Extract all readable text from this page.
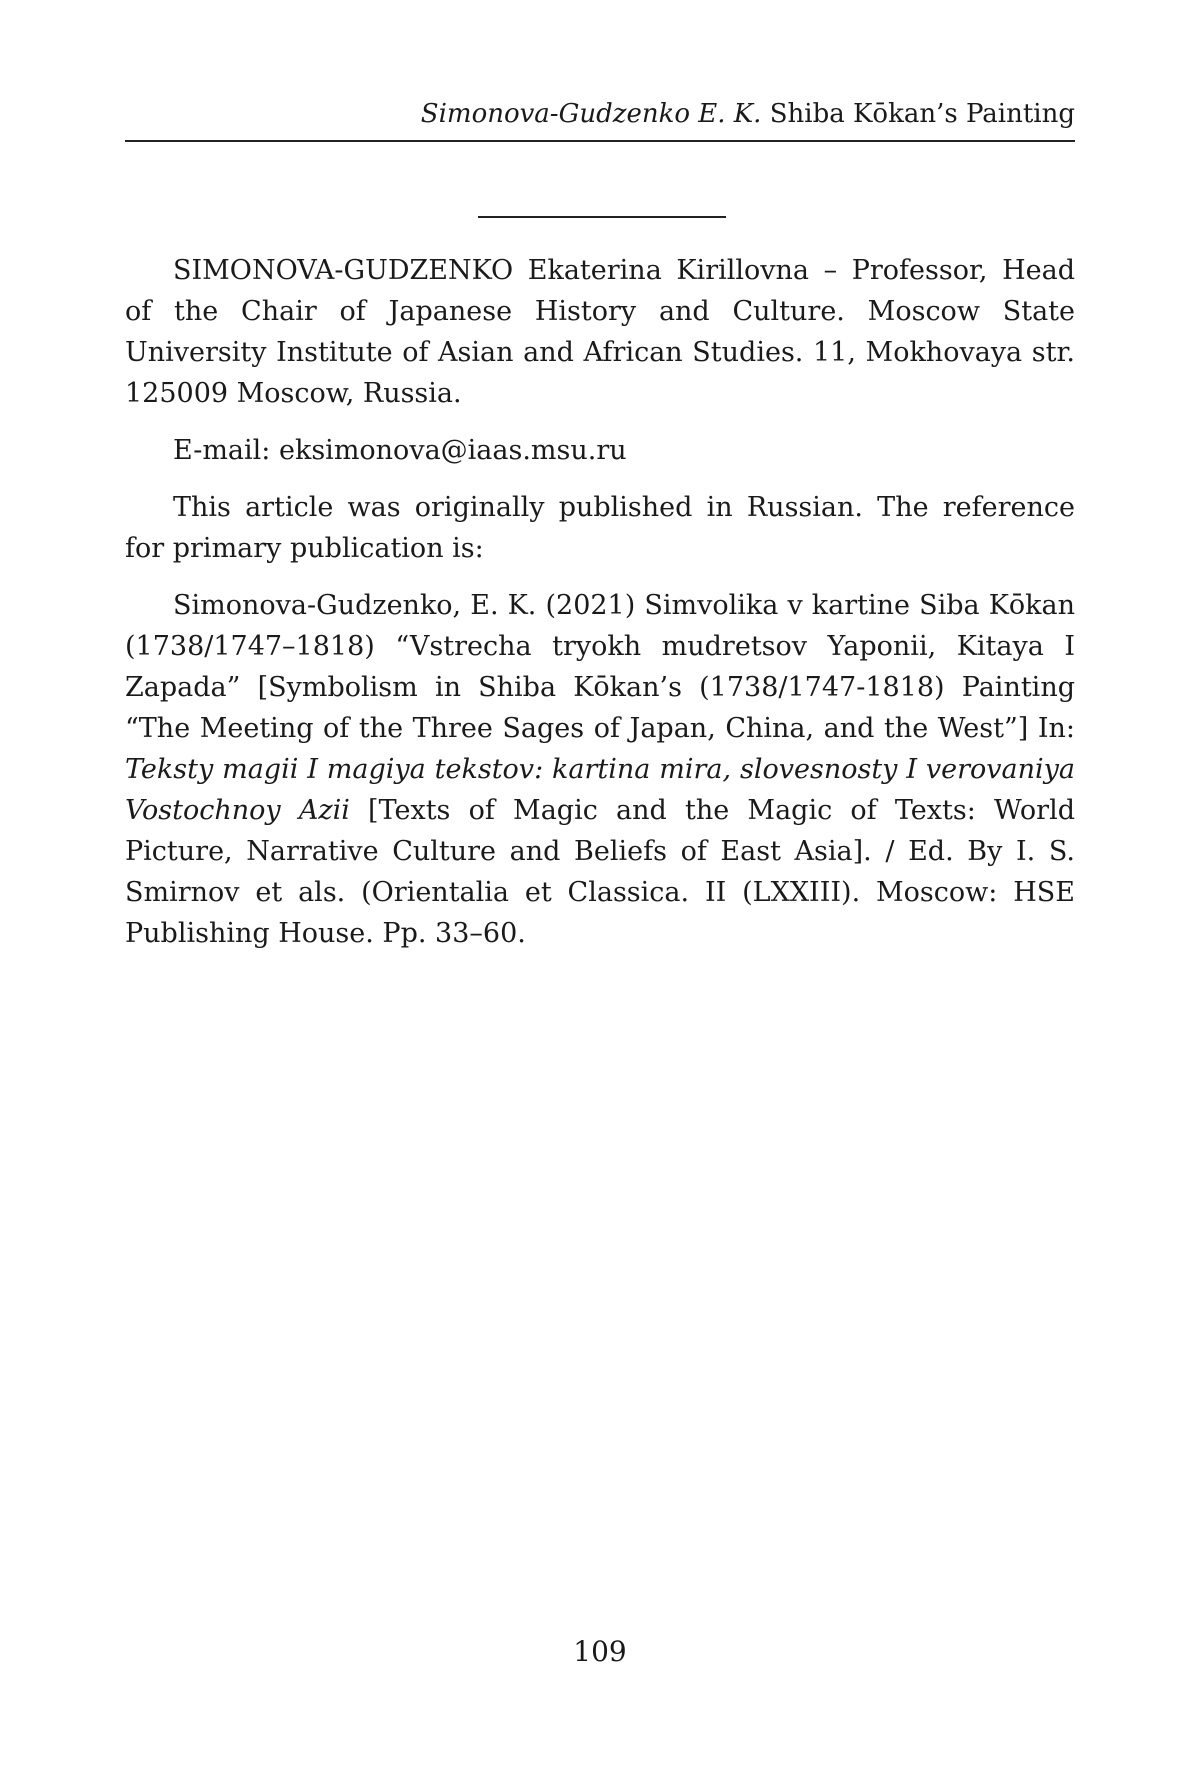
Simonova-Gudzenko E. K. Shiba Kōkan’s Painting

SIMONOVA-GUDZENKO Ekaterina Kirillovna – Professor, Head of the Chair of Japanese History and Culture. Moscow State University Institute of Asian and African Studies. 11, Mokhovaya str. 125009 Moscow, Russia.

E-mail: eksimonova@iaas.msu.ru

This article was originally published in Russian. The reference for primary publication is:

Simonova-Gudzenko, E. K. (2021) Simvolika v kartine Siba Kōkan (1738/1747–1818) “Vstrecha tryokh mudretsov Yaponii, Kitaya I Zapada” [Symbolism in Shiba Kōkan’s (1738/1747-1818) Painting “The Meeting of the Three Sages of Japan, China, and the West”] In: Teksty magii I magiya tekstov: kartina mira, slovesnosty I verovaniya Vostochnoy Azii [Texts of Magic and the Magic of Texts: World Picture, Narrative Culture and Beliefs of East Asia]. / Ed. By I. S. Smirnov et als. (Orientalia et Classica. II (LXXIII). Moscow: HSE Publishing House. Pp. 33–60.

109
